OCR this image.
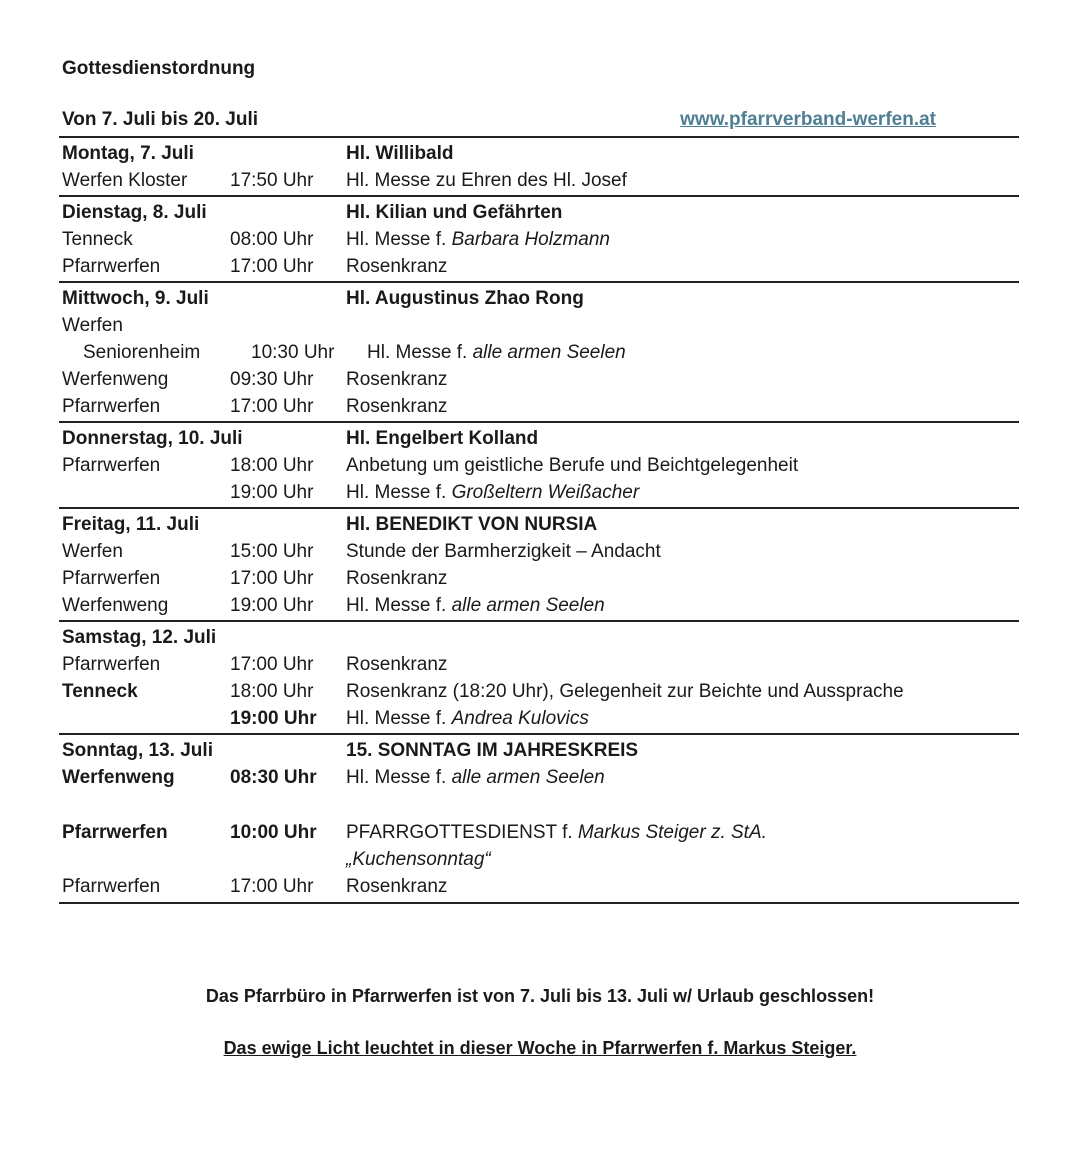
Gottesdienstordnung
Von 7. Juli bis 20. Juli	www.pfarrverband-werfen.at
Montag, 7. Juli	Hl. Willibald
Werfen Kloster	17:50 Uhr	Hl. Messe zu Ehren des Hl. Josef
Dienstag, 8. Juli	Hl. Kilian und Gefährten
Tenneck	08:00 Uhr	Hl. Messe f. Barbara Holzmann
Pfarrwerfen	17:00 Uhr	Rosenkranz
Mittwoch, 9. Juli	Hl. Augustinus Zhao Rong
Werfen
Seniorenheim	10:30 Uhr	Hl. Messe f. alle armen Seelen
Werfenweng	09:30 Uhr	Rosenkranz
Pfarrwerfen	17:00 Uhr	Rosenkranz
Donnerstag, 10. Juli	Hl. Engelbert Kolland
Pfarrwerfen	18:00 Uhr	Anbetung um geistliche Berufe und Beichtgelegenheit
19:00 Uhr	Hl. Messe f. Großeltern Weißacher
Freitag, 11. Juli	Hl. BENEDIKT VON NURSIA
Werfen	15:00 Uhr	Stunde der Barmherzigkeit – Andacht
Pfarrwerfen	17:00 Uhr	Rosenkranz
Werfenweng	19:00 Uhr	Hl. Messe f. alle armen Seelen
Samstag, 12. Juli
Pfarrwerfen	17:00 Uhr	Rosenkranz
Tenneck	18:00 Uhr	Rosenkranz (18:20 Uhr), Gelegenheit zur Beichte und Aussprache
19:00 Uhr	Hl. Messe f. Andrea Kulovics
Sonntag, 13. Juli	15. SONNTAG IM JAHRESKREIS
Werfenweng	08:30 Uhr	Hl. Messe f. alle armen Seelen
Pfarrwerfen	10:00 Uhr	PFARRGOTTESDIENST f. Markus Steiger z. StA.
„Kuchensonntag“
Pfarrwerfen	17:00 Uhr	Rosenkranz
Das Pfarrbüro in Pfarrwerfen ist von 7. Juli bis 13. Juli w/ Urlaub geschlossen!
Das ewige Licht leuchtet in dieser Woche in Pfarrwerfen f. Markus Steiger.
